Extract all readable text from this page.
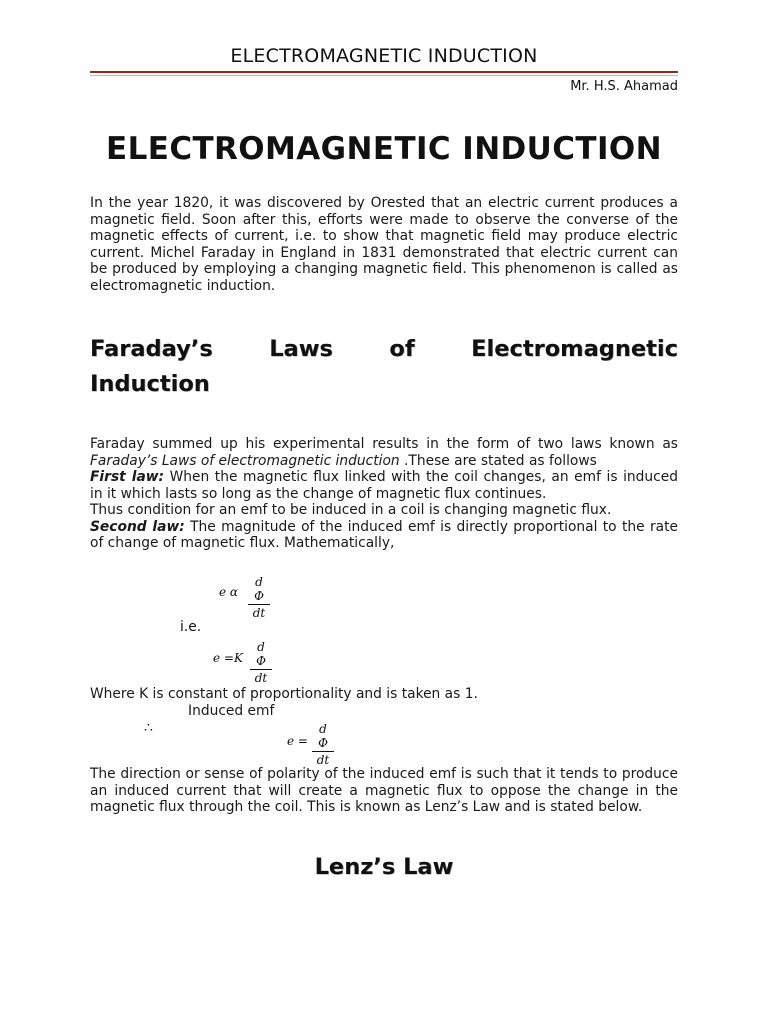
ELECTROMAGNETIC INDUCTION
Mr. H.S. Ahamad
ELECTROMAGNETIC INDUCTION
In the year 1820, it was discovered by Orested that an electric current produces a magnetic field. Soon after this, efforts were made to observe the converse of the magnetic effects of current, i.e. to show that magnetic field may produce electric current. Michel Faraday in England in 1831 demonstrated that electric current can be produced by employing a changing magnetic field. This phenomenon is called as electromagnetic induction.
Faraday’s	Laws	of	Electromagnetic
Induction
Faraday summed up his experimental results in the form of two laws known as Faraday’s Laws of electromagnetic induction .These are stated as follows
First law: When the magnetic flux linked with the coil changes, an emf is induced in it which lasts so long as the change of magnetic flux continues.
Thus condition for an emf to be induced in a coil is changing magnetic flux.
Second law: The magnitude of the induced emf is directly proportional to the rate of change of magnetic flux. Mathematically,
e α
d Φ
dt
i.e.
e =K
d Φ
dt
Where K is constant of proportionality and is taken as 1.
Induced emf
∴
e =
d Φ
dt
The direction or sense of polarity of the induced emf is such that it tends to produce an induced current that will create a magnetic flux to oppose the change in the magnetic flux through the coil. This is known as Lenz’s Law and is stated below.
Lenz’s Law
